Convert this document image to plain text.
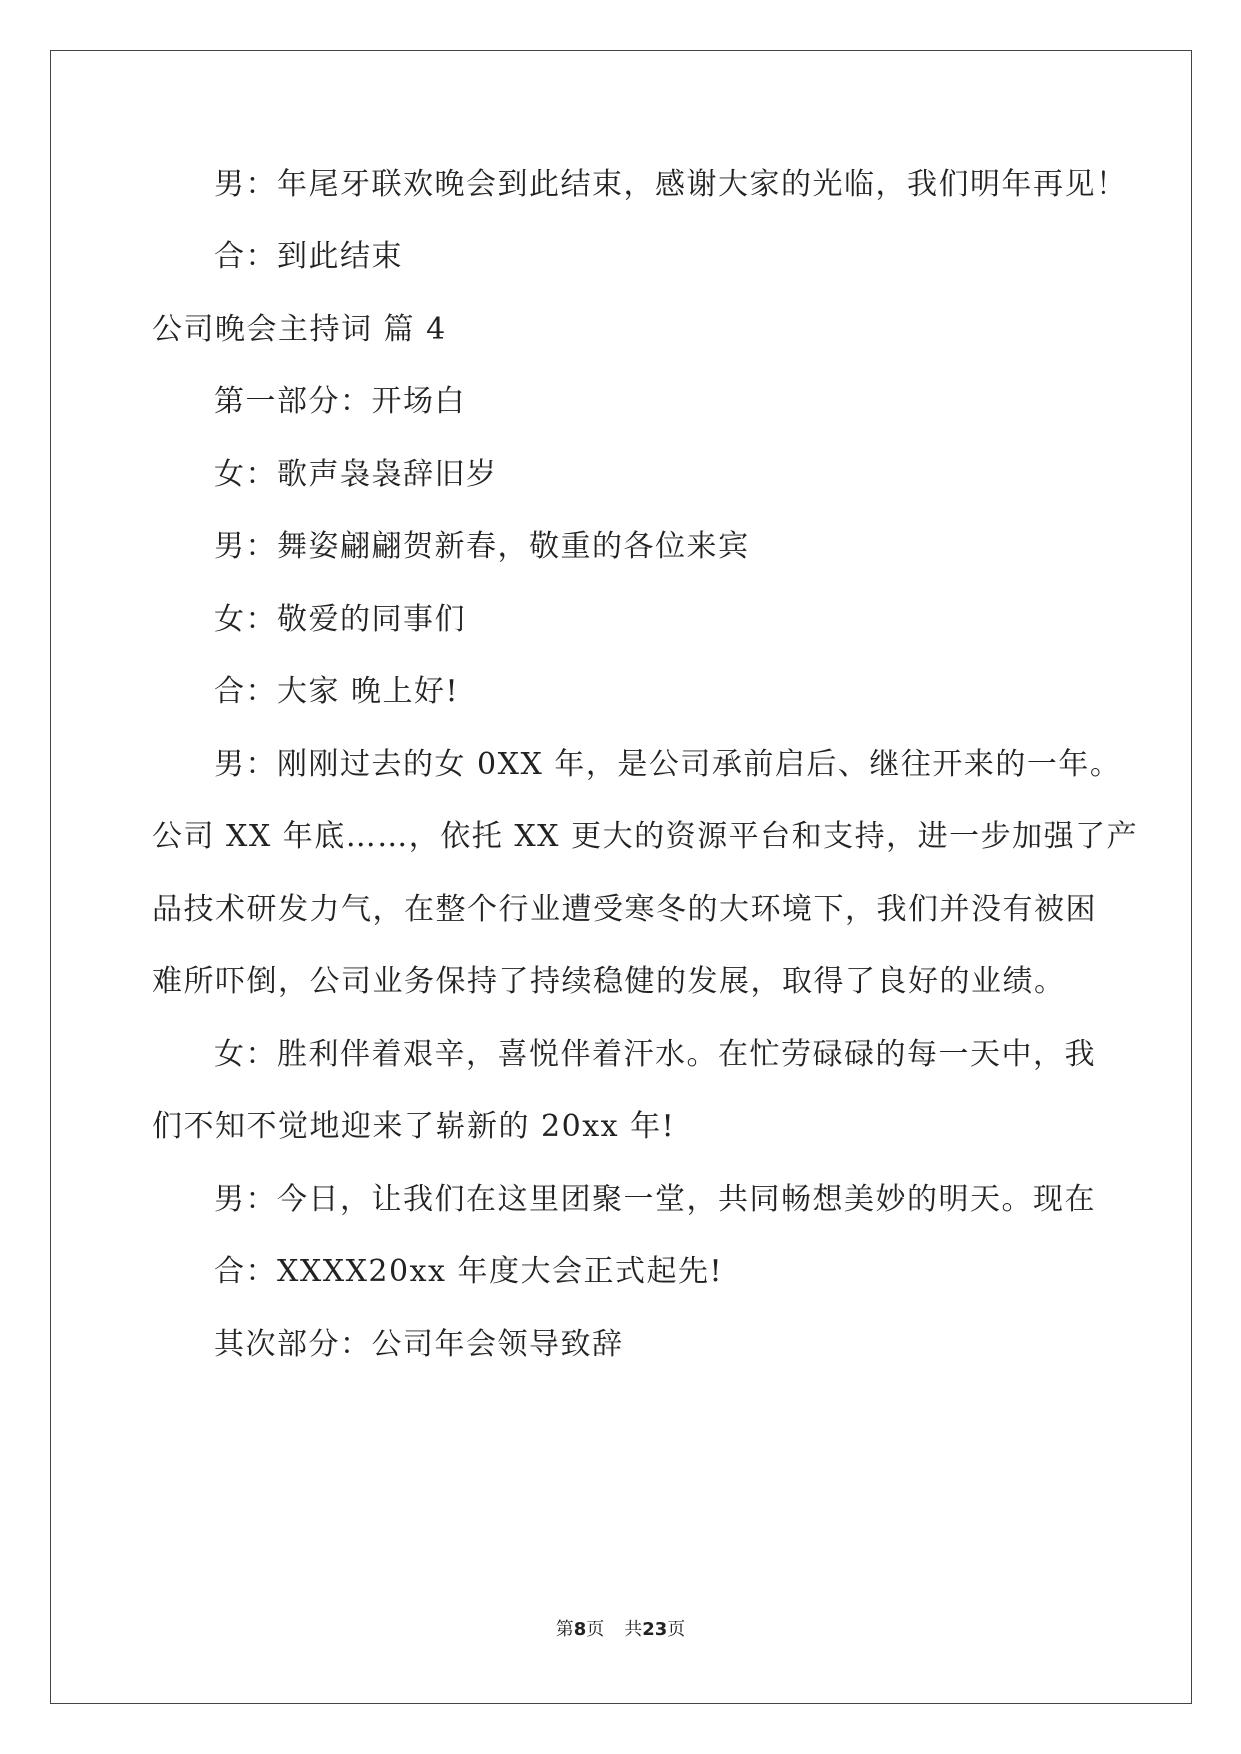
男：年尾牙联欢晚会到此结束，感谢大家的光临，我们明年再见！
合：到此结束
公司晚会主持词 篇 4
第一部分：开场白
女：歌声袅袅辞旧岁
男：舞姿翩翩贺新春，敬重的各位来宾
女：敬爱的同事们
合：大家 晚上好!
男：刚刚过去的女 0XX 年，是公司承前启后、继往开来的一年。
公司 XX 年底……，依托 XX 更大的资源平台和支持，进一步加强了产
品技术研发力气，在整个行业遭受寒冬的大环境下，我们并没有被困
难所吓倒，公司业务保持了持续稳健的发展，取得了良好的业绩。
女：胜利伴着艰辛，喜悦伴着汗水。在忙劳碌碌的每一天中，我
们不知不觉地迎来了崭新的 20xx 年!
男：今日，让我们在这里团聚一堂，共同畅想美妙的明天。现在
合：XXXX20xx 年度大会正式起先!
其次部分：公司年会领导致辞
第8页 共23页
